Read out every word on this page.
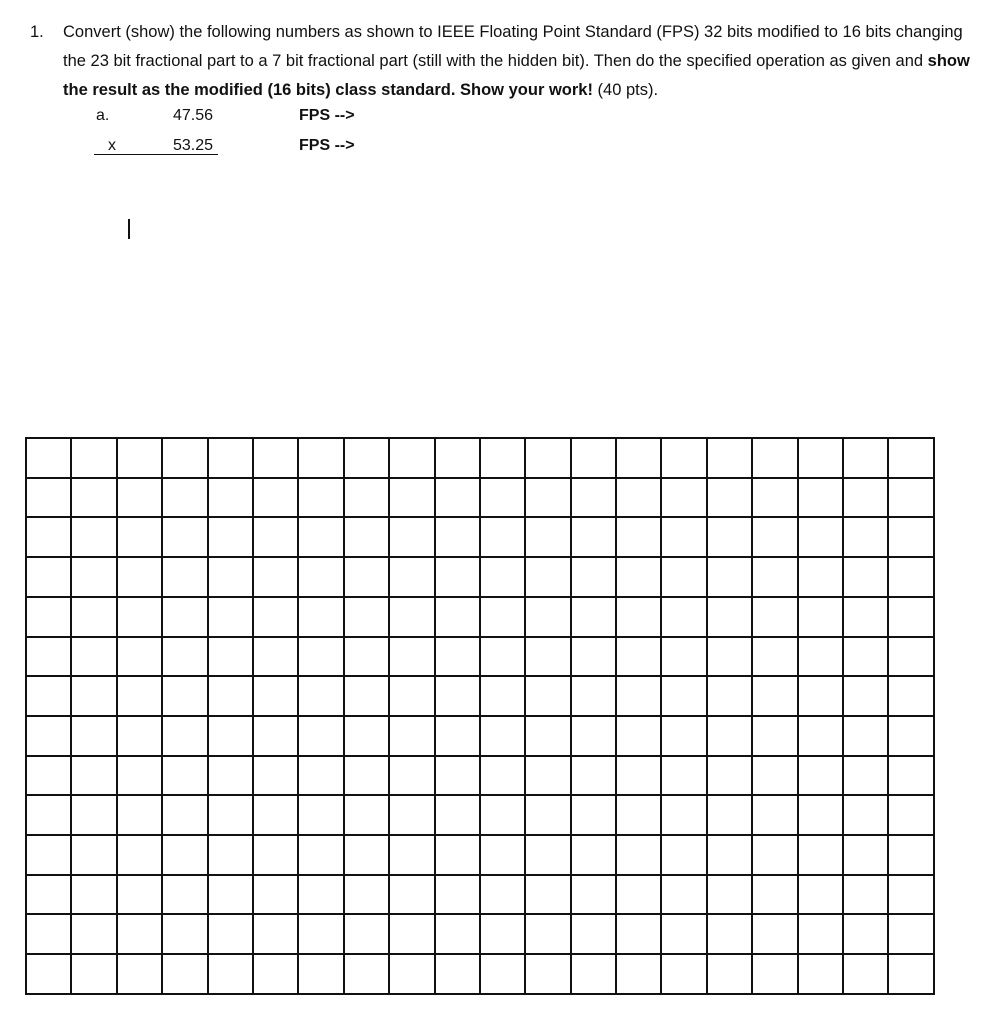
1. Convert (show) the following numbers as shown to IEEE Floating Point Standard (FPS) 32 bits modified to 16 bits changing the 23 bit fractional part to a 7 bit fractional part (still with the hidden bit). Then do the specified operation as given and show the result as the modified (16 bits) class standard. Show your work! (40 pts).
a.	47.56	FPS -->
x	53.25	FPS -->
